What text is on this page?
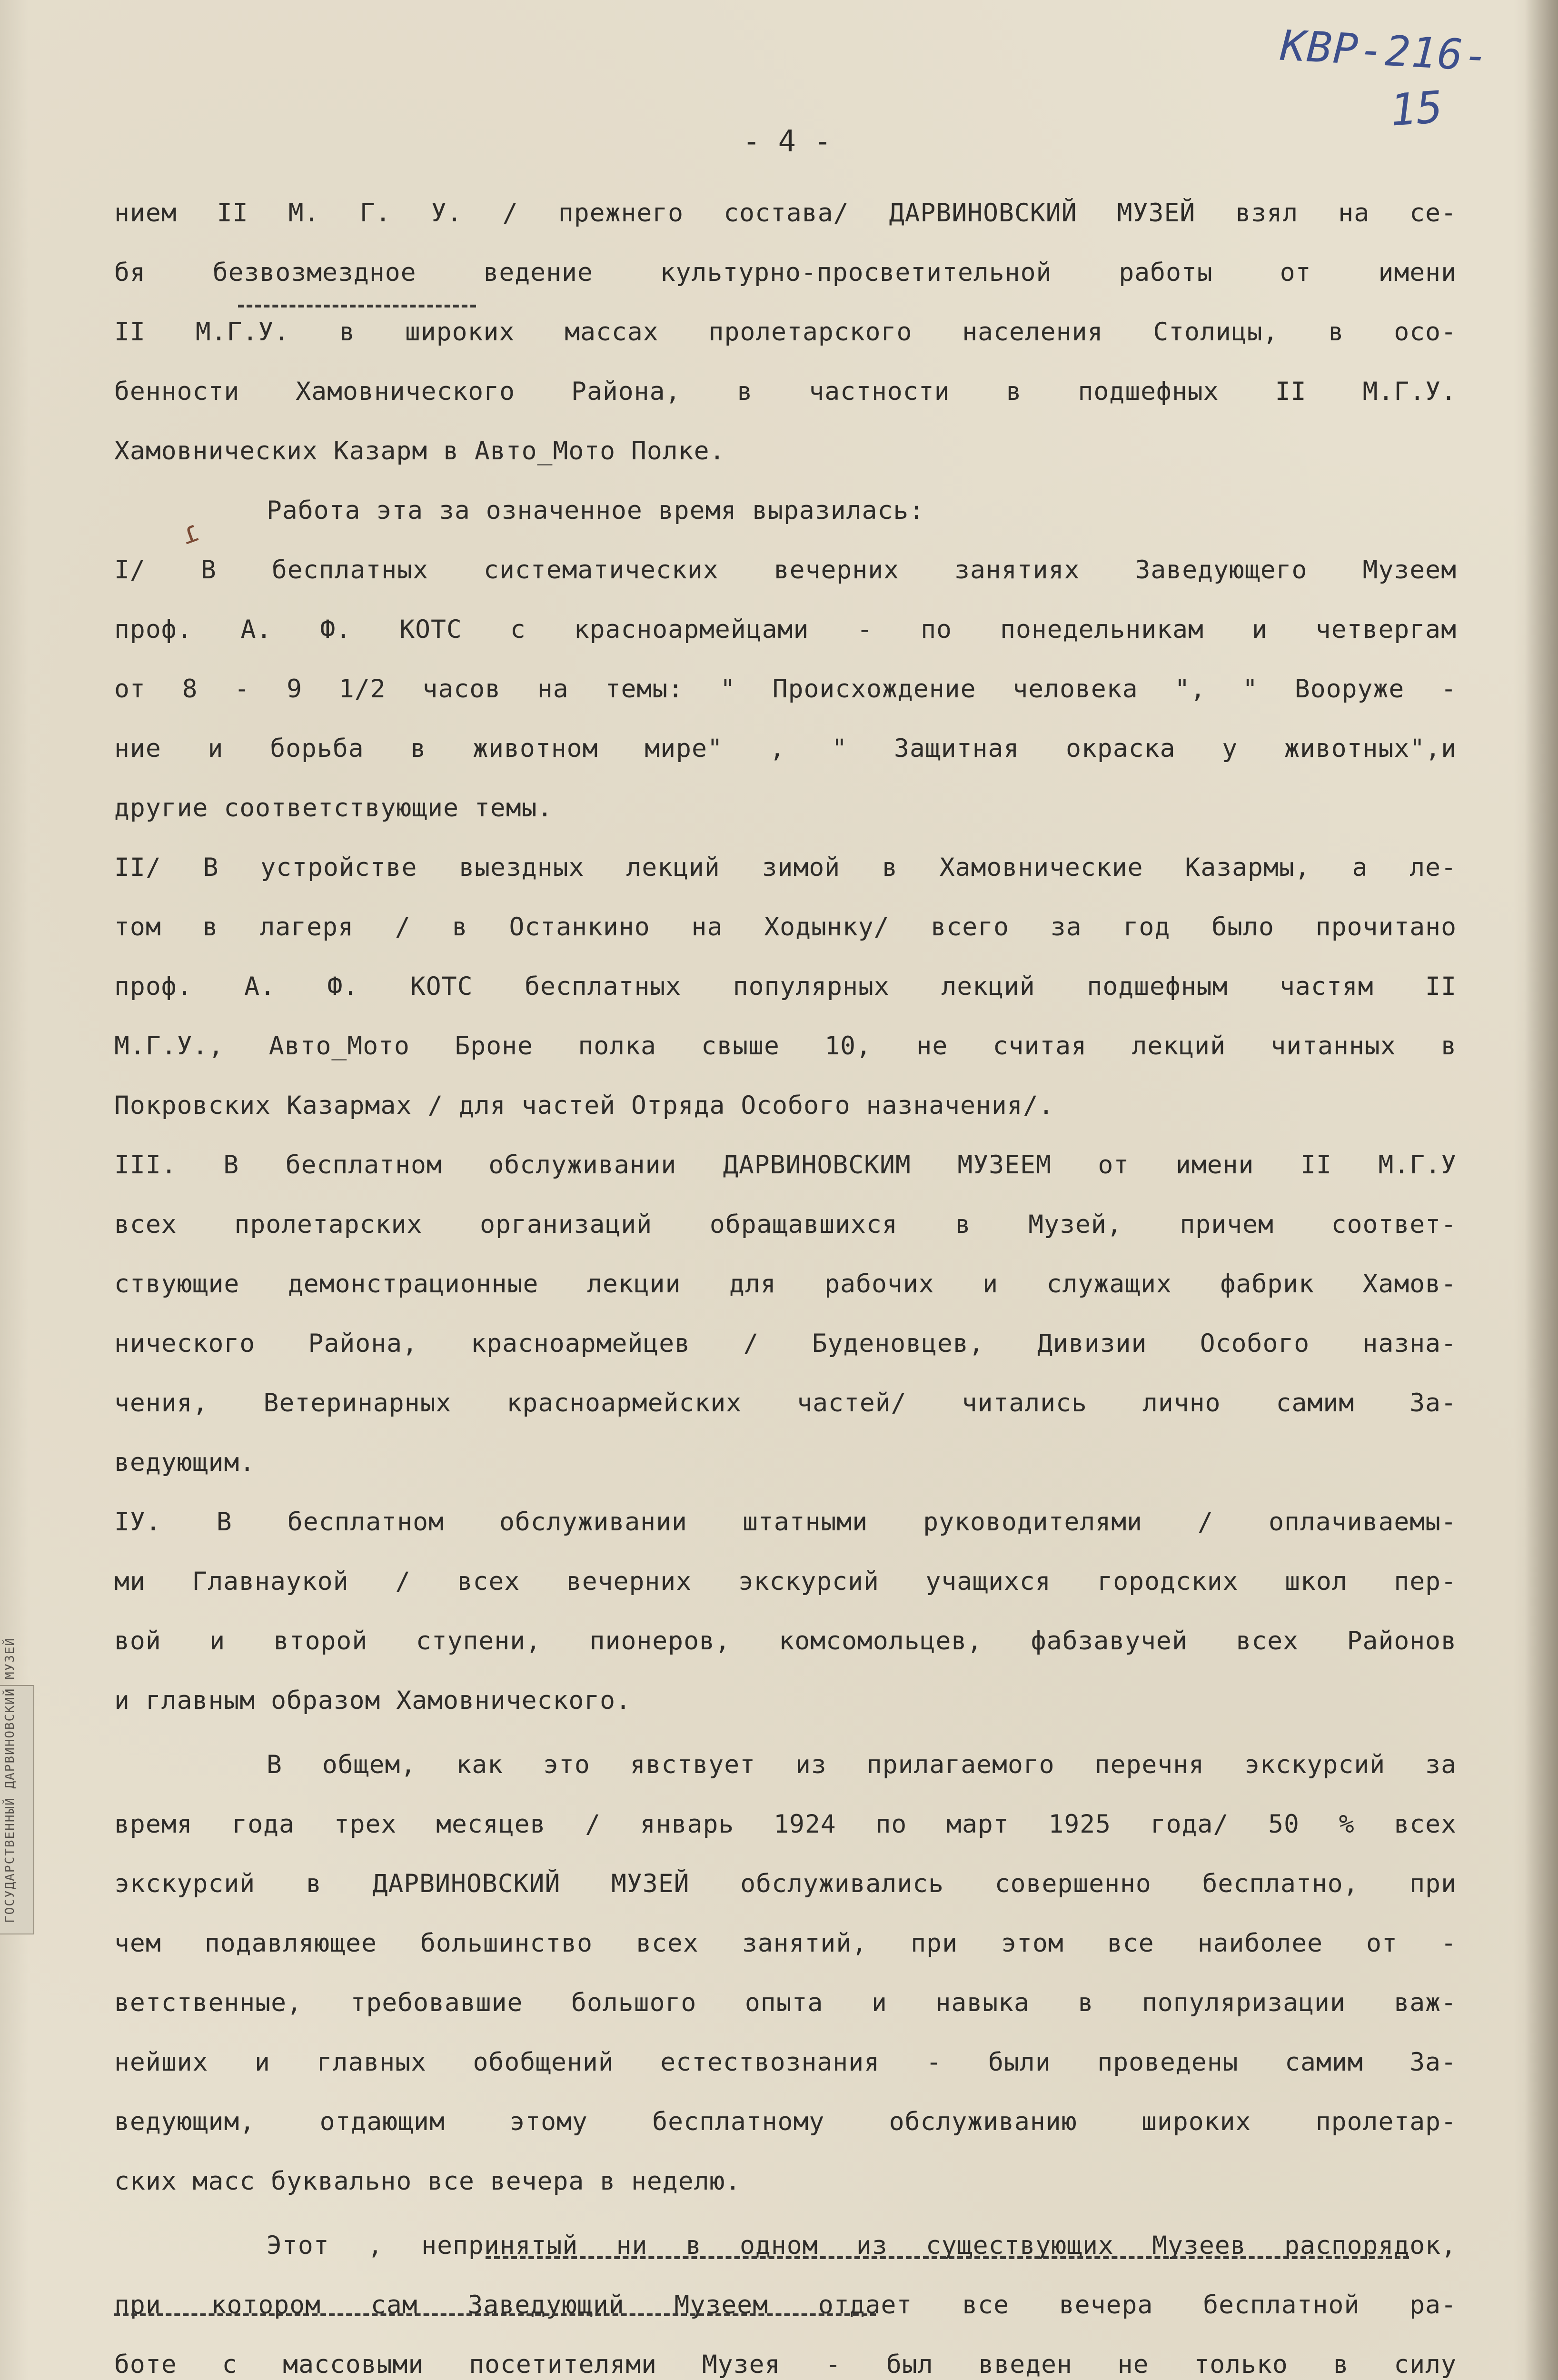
КВР-216-
15
- 4 -
ɾ
нием II М. Г. У. / прежнего состава/ ДАРВИНОВСКИЙ МУЗЕЙ взял на се-
бя безвозмездное ведение культурно-просветительной работы от имени
II М.Г.У. в широких массах пролетарского населения Столицы, в осо-
бенности Хамовнического Района, в частности в подшефных II М.Г.У.
Хамовнических Казарм в Авто_Мото Полке.
Работа эта за означенное время выразилась:
I/ В бесплатных систематических вечерних занятиях Заведующего Музеем
проф. А. Ф. КОТС с красноармейцами - по понедельникам и четвергам
от 8 - 9 1/2 часов на темы: " Происхождение человека ", " Вооруже -
ние и борьба в животном мире" , " Защитная окраска у животных",и
другие соответствующие темы.
II/ В устройстве выездных лекций зимой в Хамовнические Казармы, а ле-
том в лагеря / в Останкино на Ходынку/ всего за год было прочитано
проф. А. Ф. КОТС бесплатных популярных лекций подшефным частям II
М.Г.У., Авто_Мото Броне полка свыше 10, не считая лекций читанных в
Покровских Казармах / для частей Отряда Особого назначения/.
III. В бесплатном обслуживании ДАРВИНОВСКИМ МУЗЕЕМ от имени II М.Г.У
всех пролетарских организаций обращавшихся в Музей, причем соответ-
ствующие демонстрационные лекции для рабочих и служащих фабрик Хамов-
нического Района, красноармейцев / Буденовцев, Дивизии Особого назна-
чения, Ветеринарных красноармейских частей/ читались лично самим За-
ведующим.
IУ. В бесплатном обслуживании штатными руководителями / оплачиваемы-
ми Главнаукой / всех вечерних экскурсий учащихся городских школ пер-
вой и второй ступени, пионеров, комсомольцев, фабзавучей всех Районов
и главным образом Хамовнического.
В общем, как это явствует из прилагаемого перечня экскурсий за
время года трех месяцев / январь 1924 по март 1925 года/ 50 % всех
экскурсий в ДАРВИНОВСКИЙ МУЗЕЙ обслуживались совершенно бесплатно, при
чем подавляющее большинство всех занятий, при этом все наиболее от -
ветственные, требовавшие большого опыта и навыка в популяризации важ-
нейших и главных обобщений естествознания - были проведены самим За-
ведующим, отдающим этому бесплатному обслуживанию широких пролетар-
ских масс буквально все вечера в неделю.
Этот , непринятый ни в одном из существующих Музеев распорядок,
при котором сам Заведующий Музеем отдает все вечера бесплатной ра-
боте с массовыми посетителями Музея - был введен не только в силу
ГОСУДАРСТВЕННЫЙ ДАРВИНОВСКИЙ МУЗЕЙ
